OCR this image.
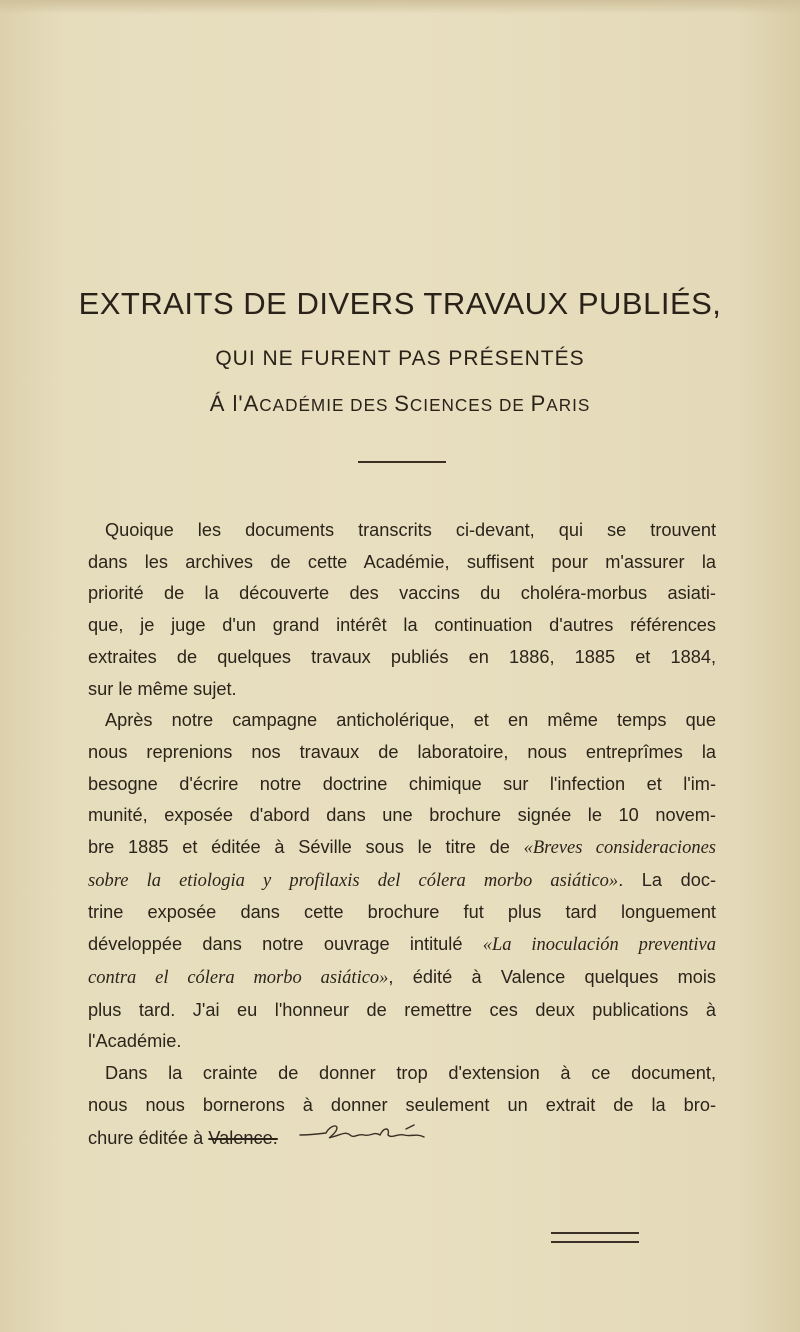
EXTRAITS DE DIVERS TRAVAUX PUBLIÉS,
QUI NE FURENT PAS PRÉSENTÉS
Á l'ACADÉMIE DES SCIENCES DE PARIS
Quoique les documents transcrits ci-devant, qui se trouvent
dans les archives de cette Académie, suffisent pour m'assurer la
priorité de la découverte des vaccins du choléra-morbus asiati-
que, je juge d'un grand intérêt la continuation d'autres références
extraites de quelques travaux publiés en 1886, 1885 et 1884,
sur le même sujet.
Après notre campagne anticholérique, et en même temps que
nous reprenions nos travaux de laboratoire, nous entreprîmes la
besogne d'écrire notre doctrine chimique sur l'infection et l'im-
munité, exposée d'abord dans une brochure signée le 10 novem-
bre 1885 et éditée à Séville sous le titre de «Breves consideraciones
sobre la etiologia y profilaxis del cólera morbo asiático». La doc-
trine exposée dans cette brochure fut plus tard longuement
développée dans notre ouvrage intitulé «La inoculación preventiva
contra el cólera morbo asiático», édité à Valence quelques mois
plus tard. J'ai eu l'honneur de remettre ces deux publications à
l'Académie.
Dans la crainte de donner trop d'extension à ce document,
nous nous bornerons à donner seulement un extrait de la bro-
chure éditée à Valence.
